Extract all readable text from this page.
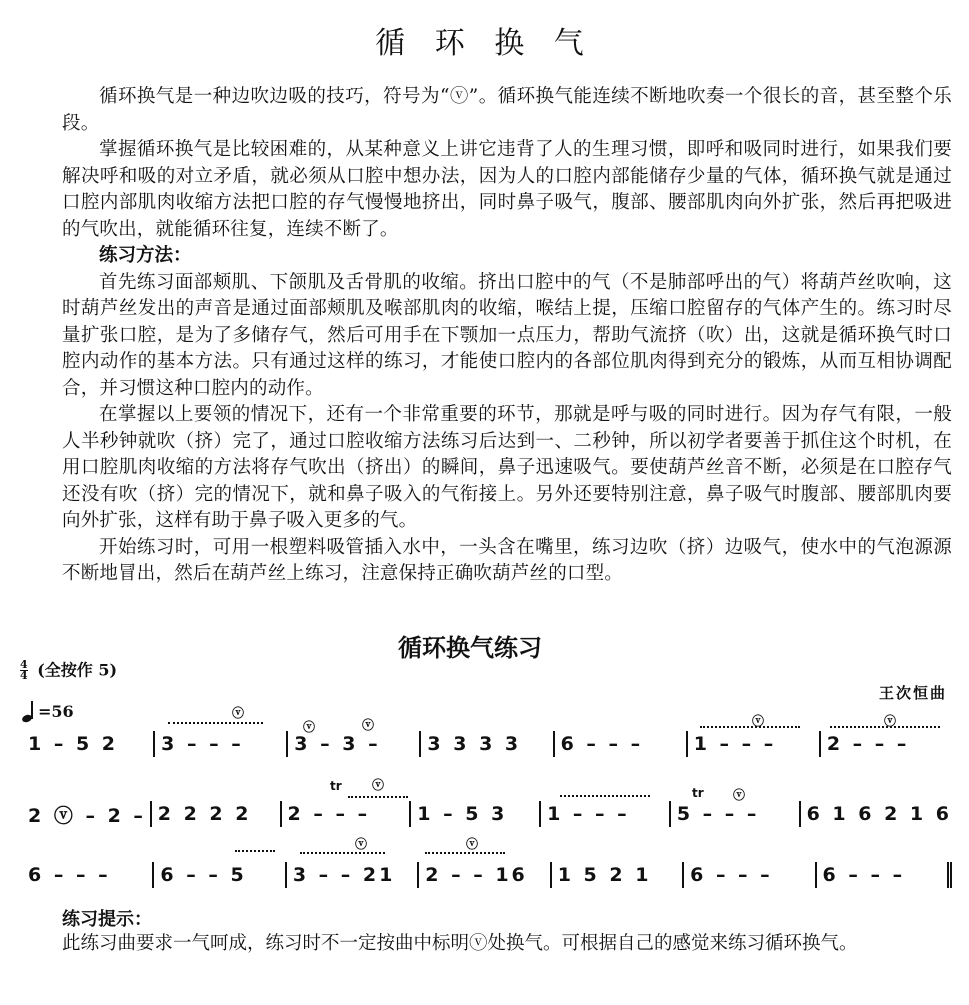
循 环 换 气

循环换气是一种边吹边吸的技巧，符号为“ⓥ”。循环换气能连续不断地吹奏一个很长的音，甚至整个乐段。

掌握循环换气是比较困难的，从某种意义上讲它违背了人的生理习惯，即呼和吸同时进行，如果我们要解决呼和吸的对立矛盾，就必须从口腔中想办法，因为人的口腔内部能储存少量的气体，循环换气就是通过口腔内部肌肉收缩方法把口腔的存气慢慢地挤出，同时鼻子吸气，腹部、腰部肌肉向外扩张，然后再把吸进的气吹出，就能循环往复，连续不断了。

练习方法：

首先练习面部颊肌、下颌肌及舌骨肌的收缩。挤出口腔中的气（不是肺部呼出的气）将葫芦丝吹响，这时葫芦丝发出的声音是通过面部颊肌及喉部肌肉的收缩，喉结上提，压缩口腔留存的气体产生的。练习时尽量扩张口腔，是为了多储存气，然后可用手在下颚加一点压力，帮助气流挤（吹）出，这就是循环换气时口腔内动作的基本方法。只有通过这样的练习，才能使口腔内的各部位肌肉得到充分的锻炼，从而互相协调配合，并习惯这种口腔内的动作。

在掌握以上要领的情况下，还有一个非常重要的环节，那就是呼与吸的同时进行。因为存气有限，一般人半秒钟就吹（挤）完了，通过口腔收缩方法练习后达到一、二秒钟，所以初学者要善于抓住这个时机，在用口腔肌肉收缩的方法将存气吹出（挤出）的瞬间，鼻子迅速吸气。要使葫芦丝音不断，必须是在口腔存气还没有吹（挤）完的情况下，就和鼻子吸入的气衔接上。另外还要特别注意，鼻子吸气时腹部、腰部肌肉要向外扩张，这样有助于鼻子吸入更多的气。

开始练习时，可用一根塑料吸管插入水中，一头含在嘴里，练习边吹（挤）边吸气，使水中的气泡源源不断地冒出，然后在葫芦丝上练习，注意保持正确吹葫芦丝的口型。

循环换气练习
$\frac{4}{4}$ (全按作 5)
王次恒曲
=56
1 – 5 2	3 – – –	3 – 3 –	3 3 3 3	6 – – –	1 – – –	2 – – –
ⓥ
ⓥ	ⓥ	ⓥ	ⓥ
2 ⓥ – 2 – 2 2 2 2	2 – – –	1 – 5 3	1 – – –	5 – – –	6 1 6 2 1 6
tr	ⓥ
tr ⓥ
6 – – –	6 – – 5	3 – – 21	2 – – 16	1 5 2 1	6 – – –	6 – – –
ⓥ	ⓥ
练习提示：
此练习曲要求一气呵成，练习时不一定按曲中标明ⓥ处换气。可根据自己的感觉来练习循环换气。
